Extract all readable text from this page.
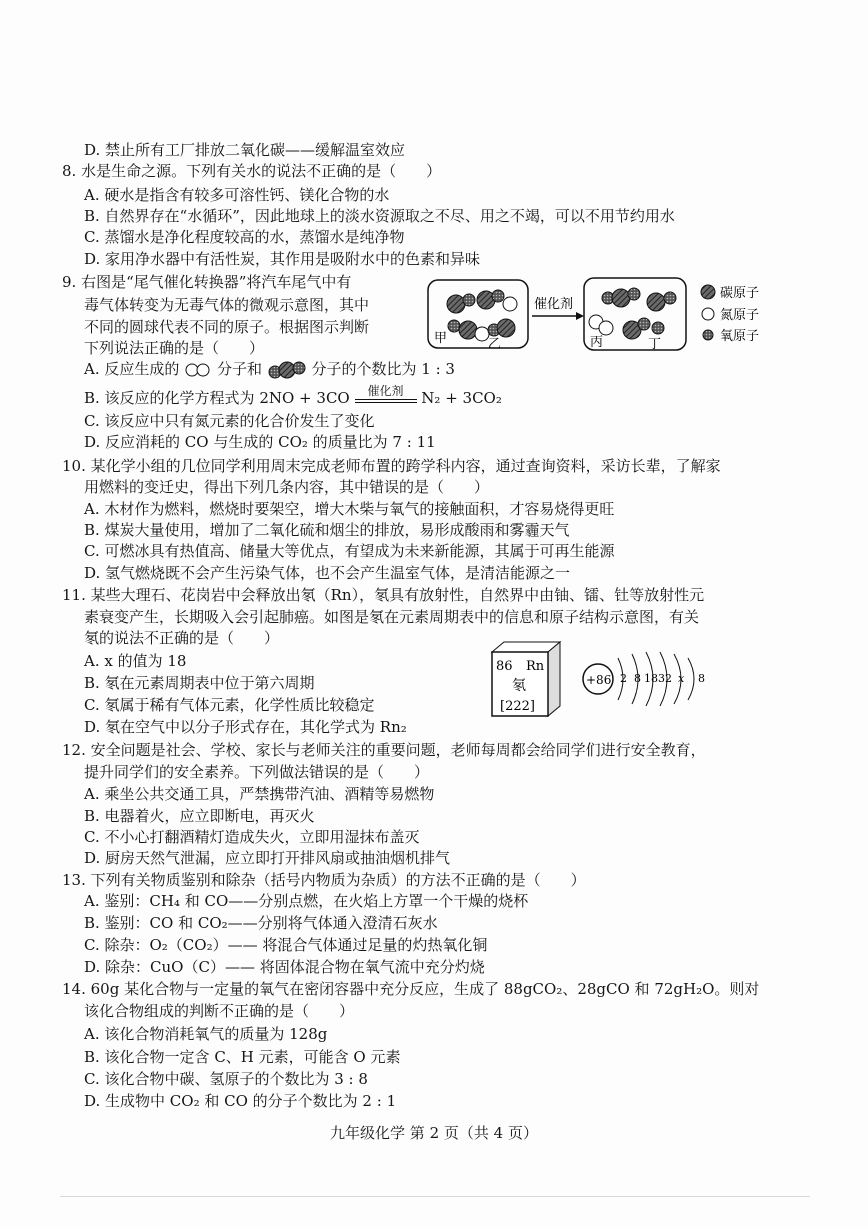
D. 禁止所有工厂排放二氧化碳——缓解温室效应
8. 水是生命之源。下列有关水的说法不正确的是（　　）
A. 硬水是指含有较多可溶性钙、镁化合物的水
B. 自然界存在“水循环”，因此地球上的淡水资源取之不尽、用之不竭，可以不用节约用水
C. 蒸馏水是净化程度较高的水，蒸馏水是纯净物
D. 家用净水器中有活性炭，其作用是吸附水中的色素和异味
9. 右图是“尾气催化转换器”将汽车尾气中有
毒气体转变为无毒气体的微观示意图，其中
不同的圆球代表不同的原子。根据图示判断
下列说法正确的是（　　）
甲	乙
催化剂
丙	丁
碳原子
氮原子
氧原子
A. 反应生成的	分子和	分子的个数比为 1 : 3
B. 该反应的化学方程式为 2NO + 3CO	催化剂	N₂ + 3CO₂
C. 该反应中只有氮元素的化合价发生了变化
D. 反应消耗的 CO 与生成的 CO₂ 的质量比为 7 : 11
10. 某化学小组的几位同学利用周末完成老师布置的跨学科内容，通过查询资料，采访长辈，了解家
用燃料的变迁史，得出下列几条内容，其中错误的是（　　）
A. 木材作为燃料，燃烧时要架空，增大木柴与氧气的接触面积，才容易烧得更旺
B. 煤炭大量使用，增加了二氧化硫和烟尘的排放，易形成酸雨和雾霾天气
C. 可燃冰具有热值高、储量大等优点，有望成为未来新能源，其属于可再生能源
D. 氢气燃烧既不会产生污染气体，也不会产生温室气体，是清洁能源之一
11. 某些大理石、花岗岩中会释放出氡（Rn），氡具有放射性，自然界中由铀、镭、钍等放射性元
素衰变产生，长期吸入会引起肺癌。如图是氡在元素周期表中的信息和原子结构示意图，有关
氡的说法不正确的是（　　）
A. x 的值为 18
B. 氡在元素周期表中位于第六周期
C. 氡属于稀有气体元素，化学性质比较稳定
D. 氡在空气中以分子形式存在，其化学式为 Rn₂
86 Rn
氡
[222]
+86 2 8 18 32 x 8
12. 安全问题是社会、学校、家长与老师关注的重要问题，老师每周都会给同学们进行安全教育，
提升同学们的安全素养。下列做法错误的是（　　）
A. 乘坐公共交通工具，严禁携带汽油、酒精等易燃物
B. 电器着火，应立即断电，再灭火
C. 不小心打翻酒精灯造成失火，立即用湿抹布盖灭
D. 厨房天然气泄漏，应立即打开排风扇或抽油烟机排气
13. 下列有关物质鉴别和除杂（括号内物质为杂质）的方法不正确的是（　　）
A. 鉴别：CH₄ 和 CO——分别点燃，在火焰上方罩一个干燥的烧杯
B. 鉴别：CO 和 CO₂——分别将气体通入澄清石灰水
C. 除杂：O₂（CO₂）—— 将混合气体通过足量的灼热氧化铜
D. 除杂：CuO（C）—— 将固体混合物在氧气流中充分灼烧
14. 60g 某化合物与一定量的氧气在密闭容器中充分反应，生成了 88gCO₂、28gCO 和 72gH₂O。则对
该化合物组成的判断不正确的是（　　）
A. 该化合物消耗氧气的质量为 128g
B. 该化合物一定含 C、H 元素，可能含 O 元素
C. 该化合物中碳、氢原子的个数比为 3 : 8
D. 生成物中 CO₂ 和 CO 的分子个数比为 2 : 1
九年级化学 第 2 页（共 4 页）
